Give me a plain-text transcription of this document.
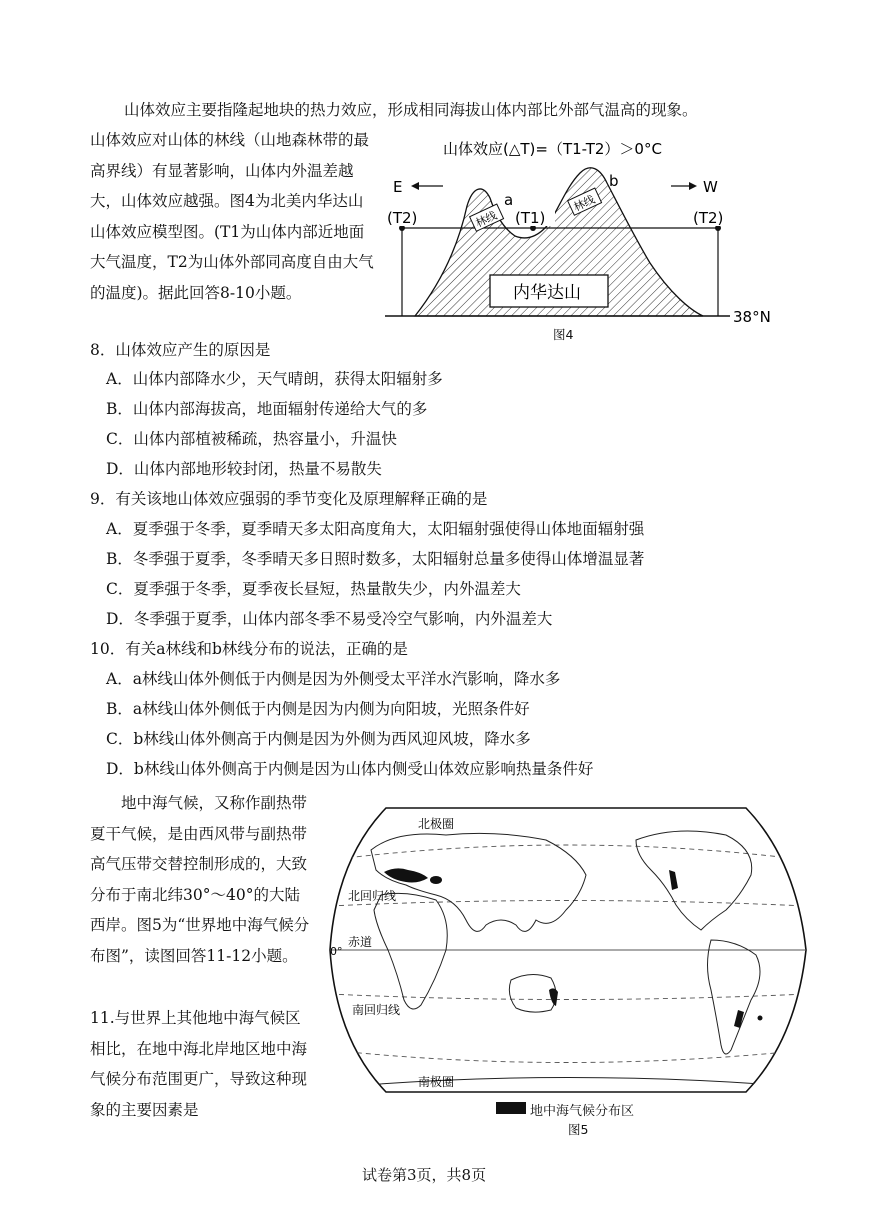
山体效应主要指隆起地块的热力效应，形成相同海拔山体内部比外部气温高的现象。
山体效应对山体的林线（山地森林带的最高界线）有显著影响，山体内外温差越大，山体效应越强。图4为北美内华达山山体效应模型图。(T1为山体内部近地面大气温度，T2为山体外部同高度自由大气的温度)。据此回答8-10小题。
山体效应(△T)=（T1-T2）＞0°C
E	W
(T2)	(T1)	(T2)
a
b
林线
林线
内华达山
38°N
图4
8．山体效应产生的原因是
A．山体内部降水少，天气晴朗，获得太阳辐射多
B．山体内部海拔高，地面辐射传递给大气的多
C．山体内部植被稀疏，热容量小，升温快
D．山体内部地形较封闭，热量不易散失
9．有关该地山体效应强弱的季节变化及原理解释正确的是
A．夏季强于冬季，夏季晴天多太阳高度角大，太阳辐射强使得山体地面辐射强
B．冬季强于夏季，冬季晴天多日照时数多，太阳辐射总量多使得山体增温显著
C．夏季强于冬季，夏季夜长昼短，热量散失少，内外温差大
D．冬季强于夏季，山体内部冬季不易受冷空气影响，内外温差大
10．有关a林线和b林线分布的说法，正确的是
A．a林线山体外侧低于内侧是因为外侧受太平洋水汽影响，降水多
B．a林线山体外侧低于内侧是因为内侧为向阳坡，光照条件好
C．b林线山体外侧高于内侧是因为外侧为西风迎风坡，降水多
D．b林线山体外侧高于内侧是因为山体内侧受山体效应影响热量条件好
地中海气候，又称作副热带夏干气候，是由西风带与副热带高气压带交替控制形成的，大致分布于南北纬30°～40°的大陆西岸。图5为“世界地中海气候分布图”，读图回答11-12小题。
11.与世界上其他地中海气候区相比，在地中海北岸地区地中海气候分布范围更广，导致这种现象的主要因素是
北极圈
北回归线
0°
赤道
南回归线
南极圈
地中海气候分布区
图5
试卷第3页，共8页
